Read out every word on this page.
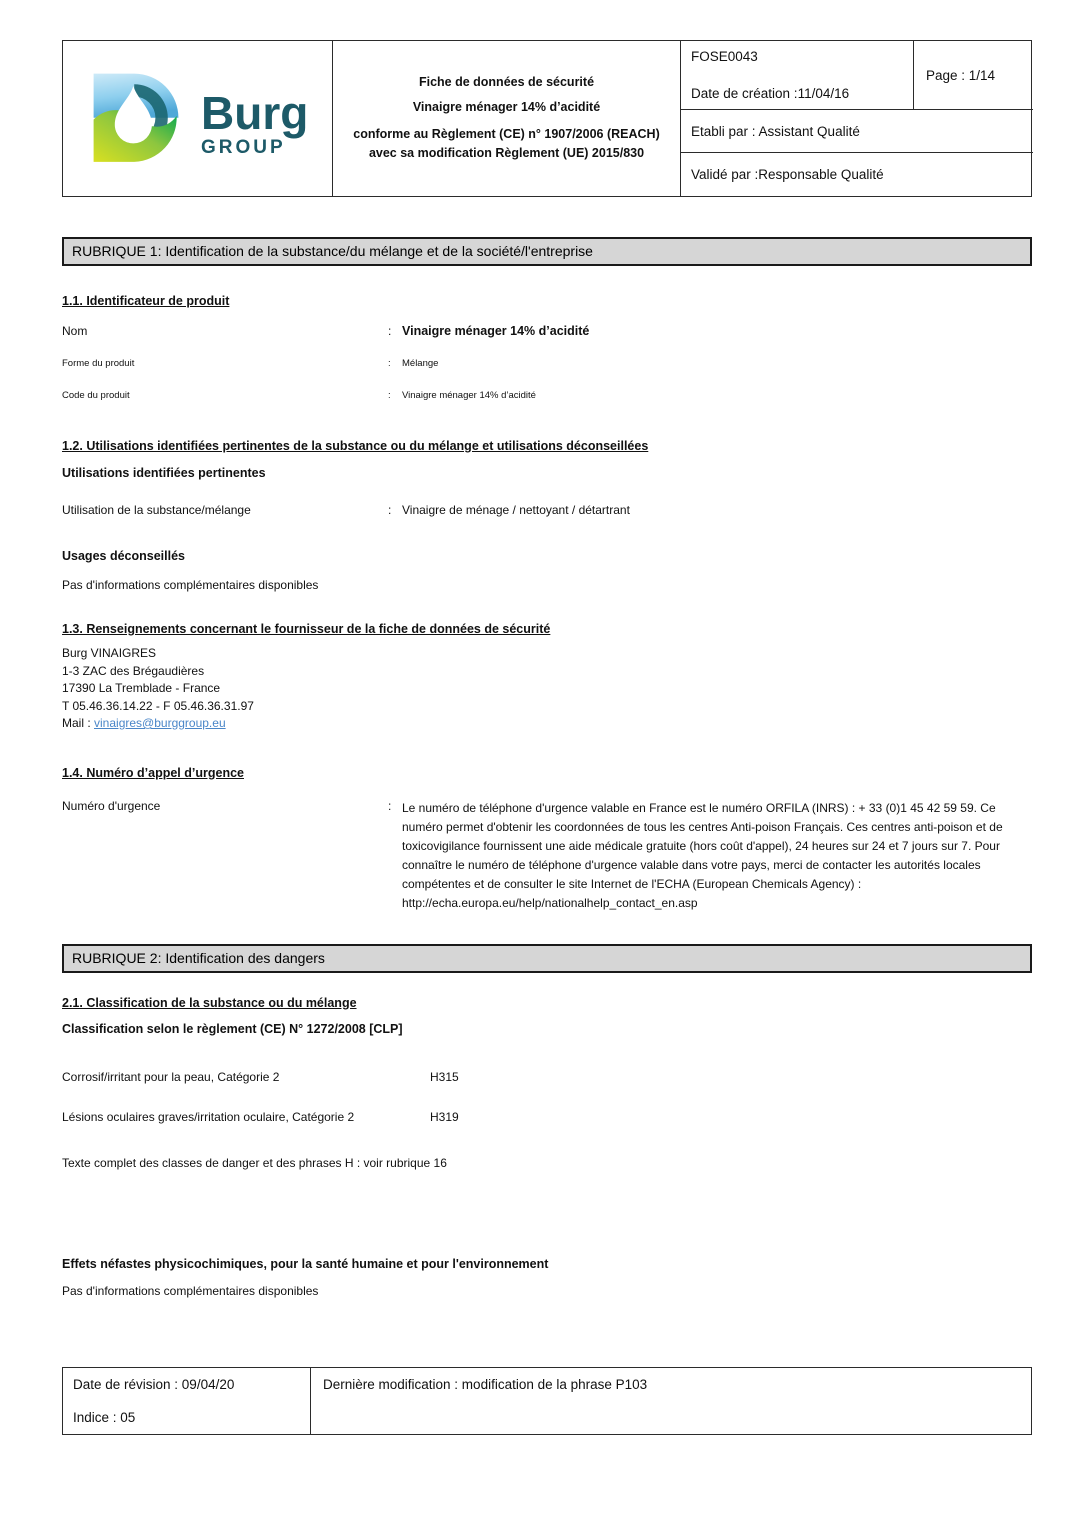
Burg
GROUP
Fiche de données de sécurité
Vinaigre ménager 14% d’acidité
conforme au Règlement (CE) n° 1907/2006 (REACH) avec sa modification Règlement (UE) 2015/830
FOSE0043
Date de création :11/04/16
Page : 1/14
Etabli par : Assistant Qualité
Validé par :Responsable Qualité
RUBRIQUE 1: Identification de la substance/du mélange et de la société/l'entreprise
1.1. Identificateur de produit
Nom	: Vinaigre ménager 14% d’acidité
Forme du produit	:	Mélange
Code du produit	:	Vinaigre ménager 14% d’acidité
1.2. Utilisations identifiées pertinentes de la substance ou du mélange et utilisations déconseillées
Utilisations identifiées pertinentes
Utilisation de la substance/mélange	: Vinaigre de ménage / nettoyant / détartrant
Usages déconseillés
Pas d'informations complémentaires disponibles
1.3. Renseignements concernant le fournisseur de la fiche de données de sécurité
Burg VINAIGRES
1-3 ZAC des Brégaudières
17390 La Tremblade - France
T 05.46.36.14.22 - F 05.46.36.31.97
Mail : vinaigres@burggroup.eu
1.4. Numéro d’appel d’urgence
Numéro d'urgence	: Le numéro de téléphone d'urgence valable en France est le numéro ORFILA (INRS) : + 33 (0)1 45 42 59 59. Ce numéro permet d'obtenir les coordonnées de tous les centres Anti-poison Français. Ces centres anti-poison et de toxicovigilance fournissent une aide médicale gratuite (hors coût d'appel), 24 heures sur 24 et 7 jours sur 7. Pour connaître le numéro de téléphone d'urgence valable dans votre pays, merci de contacter les autorités locales compétentes et de consulter le site Internet de l'ECHA (European Chemicals Agency) : http://echa.europa.eu/help/nationalhelp_contact_en.asp
RUBRIQUE 2: Identification des dangers
2.1. Classification de la substance ou du mélange
Classification selon le règlement (CE) N° 1272/2008 [CLP]
Corrosif/irritant pour la peau, Catégorie 2	H315
Lésions oculaires graves/irritation oculaire, Catégorie 2	H319
Texte complet des classes de danger et des phrases H : voir rubrique 16
Effets néfastes physicochimiques, pour la santé humaine et pour l'environnement
Pas d'informations complémentaires disponibles
Date de révision : 09/04/20
Indice : 05
Dernière modification : modification de la phrase P103
